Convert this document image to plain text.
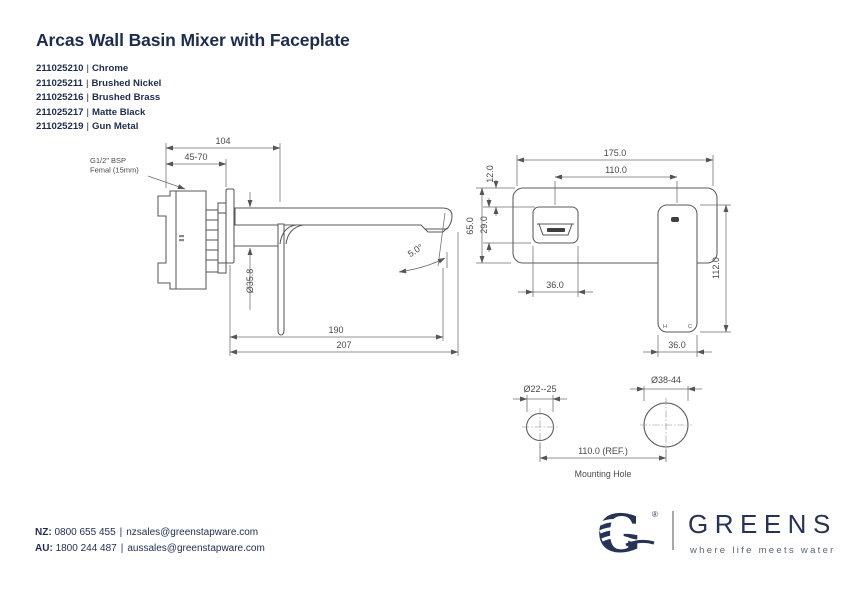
G1/2" BSP
Femal (15mm)
104
45-70
Ø35.8
5.0°
190
207
H	C
175.0
110.0
12.0
29.0
65.0
36.0
112.0
36.0
Ø22--25
Ø38-44
110.0 (REF.)
Mounting Hole
Arcas Wall Basin Mixer with Faceplate
211025210 | Chrome
211025211 | Brushed Nickel
211025216 | Brushed Brass
211025217 | Matte Black
211025219 | Gun Metal
NZ: 0800 655 455 | nzsales@greenstapware.com
AU: 1800 244 487 | aussales@greenstapware.com	G ® GREENS
where life meets water
